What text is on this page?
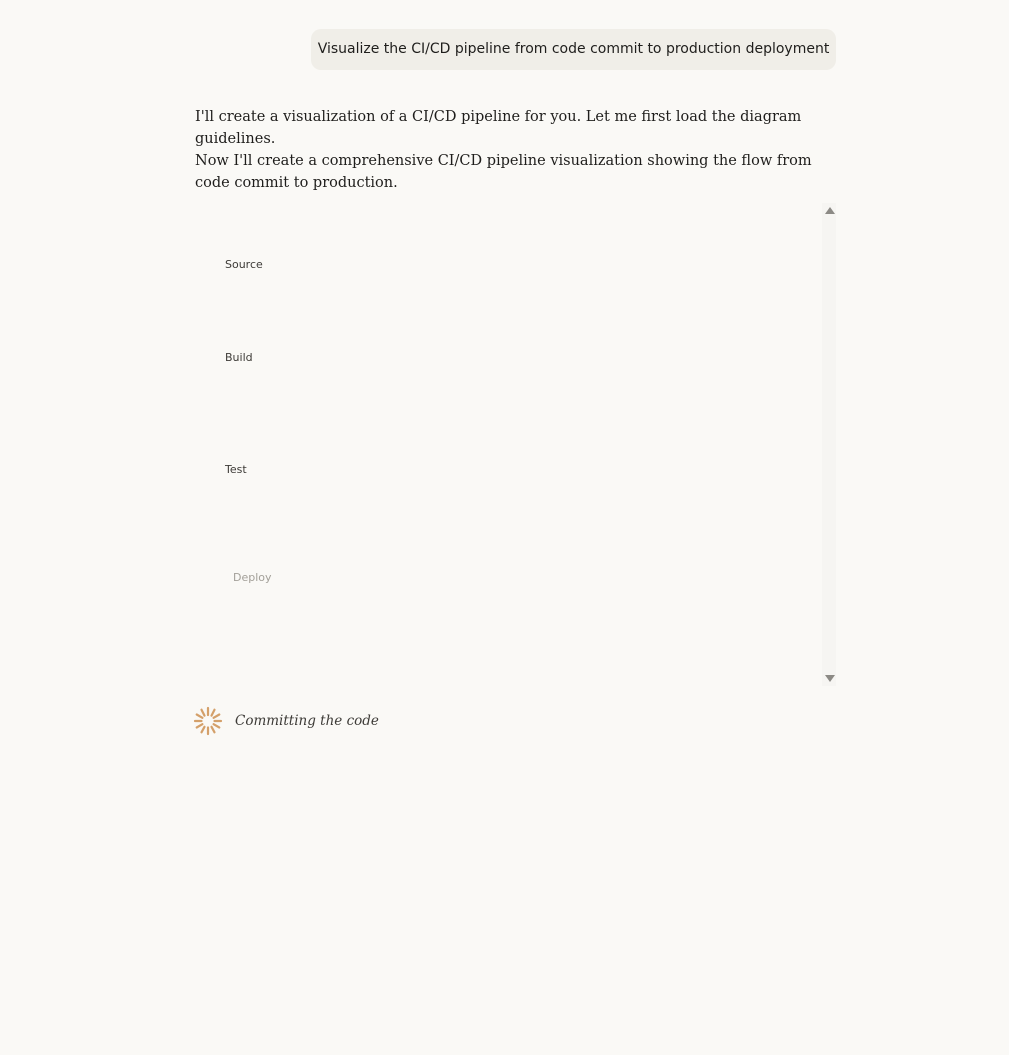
Visualize the CI/CD pipeline from code commit to production deployment

I'll create a visualization of a CI/CD pipeline for you. Let me first load the diagram guidelines.

Now I'll create a comprehensive CI/CD pipeline visualization showing the flow from code commit to production.

Source
Build
Test
Deploy
Committing the code
